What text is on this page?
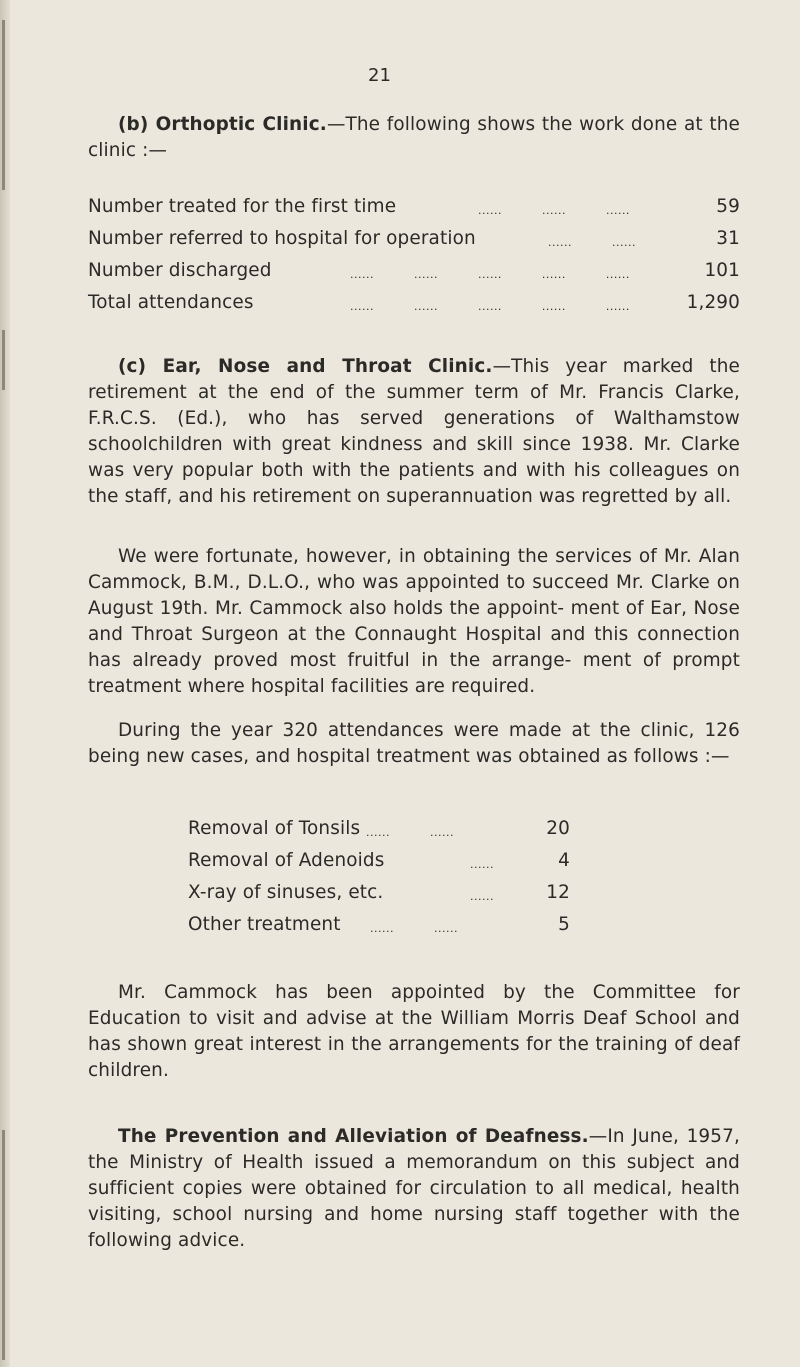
21

(b) Orthoptic Clinic.—The following shows the work done at the clinic :—

Number treated for the first time	...... ...... ......	59
Number referred to hospital for operation	...... ......	31
Number discharged	...... ...... ...... ...... ......	101
Total attendances	...... ...... ...... ...... ......	1,290

(c) Ear, Nose and Throat Clinic.—This year marked the retirement at the end of the summer term of Mr. Francis Clarke, F.R.C.S. (Ed.), who has served generations of Walthamstow schoolchildren with great kindness and skill since 1938. Mr. Clarke was very popular both with the patients and with his colleagues on the staff, and his retirement on superannuation was regretted by all.

We were fortunate, however, in obtaining the services of Mr. Alan Cammock, B.M., D.L.O., who was appointed to succeed Mr. Clarke on August 19th. Mr. Cammock also holds the appoint- ment of Ear, Nose and Throat Surgeon at the Connaught Hospital and this connection has already proved most fruitful in the arrange- ment of prompt treatment where hospital facilities are required.

During the year 320 attendances were made at the clinic, 126 being new cases, and hospital treatment was obtained as follows :—

Removal of Tonsils ...... ......	20
Removal of Adenoids	......	4
X-ray of sinuses, etc.	......	12
Other treatment	...... ......	5

Mr. Cammock has been appointed by the Committee for Education to visit and advise at the William Morris Deaf School and has shown great interest in the arrangements for the training of deaf children.

The Prevention and Alleviation of Deafness.—In June, 1957, the Ministry of Health issued a memorandum on this subject and sufficient copies were obtained for circulation to all medical, health visiting, school nursing and home nursing staff together with the following advice.
